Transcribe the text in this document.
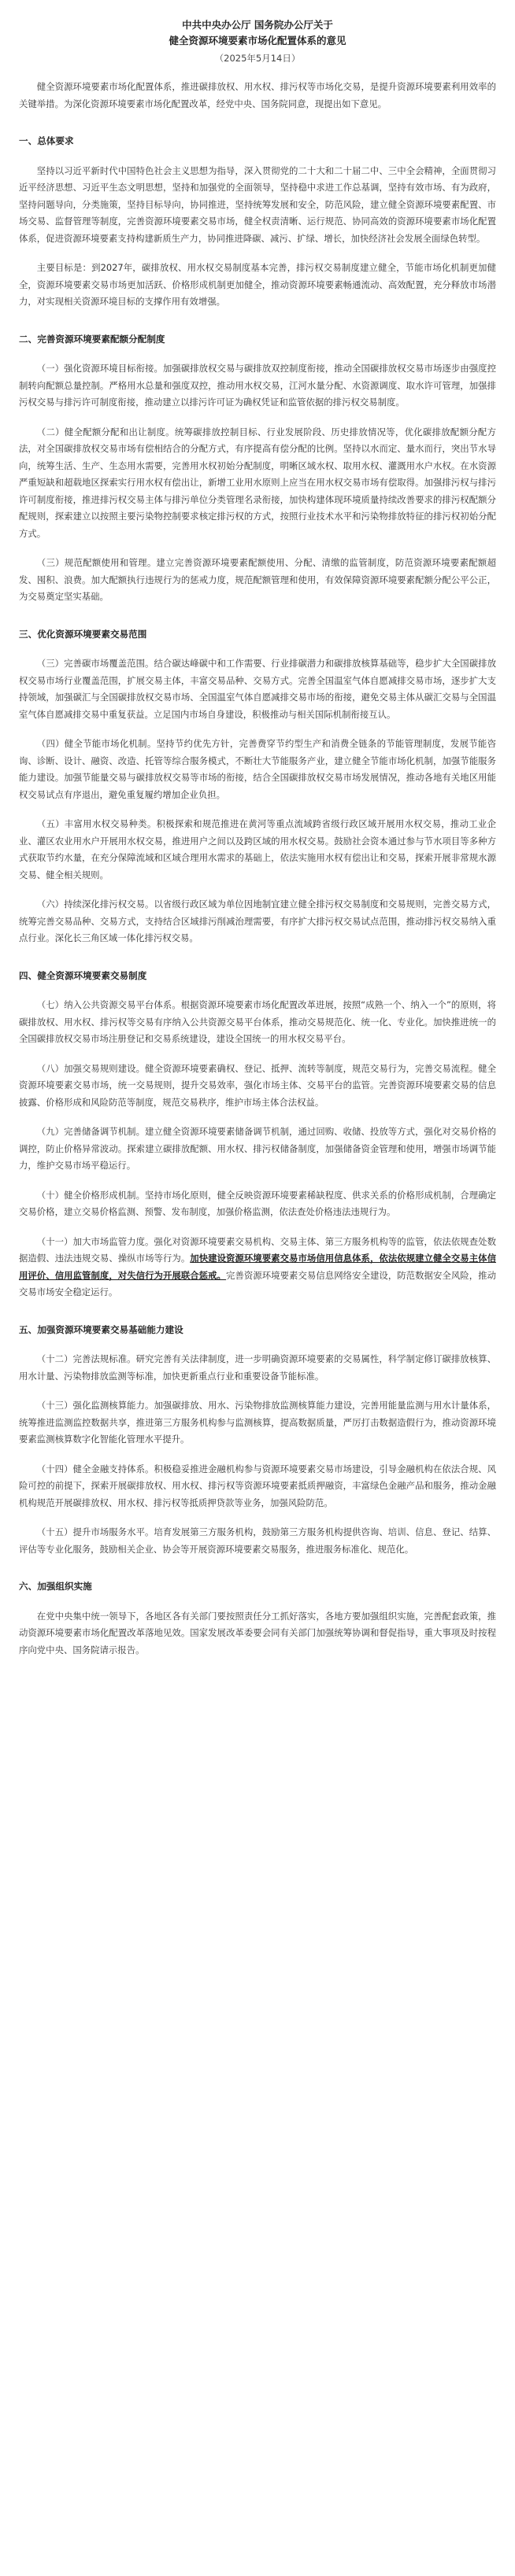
中共中央办公厅 国务院办公厅关于
健全资源环境要素市场化配置体系的意见
（2025年5月14日）

健全资源环境要素市场化配置体系，推进碳排放权、用水权、排污权等市场化交易，是提升资源环境要素利用效率的关键举措。为深化资源环境要素市场化配置改革，经党中央、国务院同意，现提出如下意见。

一、总体要求

坚持以习近平新时代中国特色社会主义思想为指导，深入贯彻党的二十大和二十届二中、三中全会精神，全面贯彻习近平经济思想、习近平生态文明思想，坚持和加强党的全面领导，坚持稳中求进工作总基调，坚持有效市场、有为政府，坚持问题导向，分类施策，坚持目标导向，协同推进，坚持统筹发展和安全，防范风险，建立健全资源环境要素配置、市场交易、监督管理等制度，完善资源环境要素交易市场，健全权责清晰、运行规范、协同高效的资源环境要素市场化配置体系，促进资源环境要素支持构建新质生产力，协同推进降碳、减污、扩绿、增长，加快经济社会发展全面绿色转型。

主要目标是：到2027年，碳排放权、用水权交易制度基本完善，排污权交易制度建立健全，节能市场化机制更加健全，资源环境要素交易市场更加活跃、价格形成机制更加健全，推动资源环境要素畅通流动、高效配置，充分释放市场潜力，对实现相关资源环境目标的支撑作用有效增强。

二、完善资源环境要素配额分配制度

（一）强化资源环境目标衔接。加强碳排放权交易与碳排放双控制度衔接，推动全国碳排放权交易市场逐步由强度控制转向配额总量控制。严格用水总量和强度双控，推动用水权交易，江河水量分配、水资源调度、取水许可管理，加强排污权交易与排污许可制度衔接，推动建立以排污许可证为确权凭证和监管依据的排污权交易制度。

（二）健全配额分配和出让制度。统筹碳排放控制目标、行业发展阶段、历史排放情况等，优化碳排放配额分配方法，对全国碳排放权交易市场有偿相结合的分配方式，有序提高有偿分配的比例。坚持以水而定、量水而行，突出节水导向，统筹生活、生产、生态用水需要，完善用水权初始分配制度，明晰区域水权、取用水权、灌溉用水户水权。在水资源严重短缺和超载地区探索实行用水权有偿出让，新增工业用水原则上应当在用水权交易市场有偿取得。加强排污权与排污许可制度衔接，推进排污权交易主体与排污单位分类管理名录衔接，加快构建体现环境质量持续改善要求的排污权配额分配规则，探索建立以按照主要污染物控制要求核定排污权的方式，按照行业技术水平和污染物排放特征的排污权初始分配方式。

（三）规范配额使用和管理。建立完善资源环境要素配额使用、分配、清缴的监管制度，防范资源环境要素配额超发、囤积、浪费。加大配额执行违规行为的惩戒力度，规范配额管理和使用，有效保障资源环境要素配额分配公平公正，为交易奠定坚实基础。

三、优化资源环境要素交易范围

（三）完善碳市场覆盖范围。结合碳达峰碳中和工作需要、行业排碳潜力和碳排放核算基础等，稳步扩大全国碳排放权交易市场行业覆盖范围，扩展交易主体，丰富交易品种、交易方式。完善全国温室气体自愿减排交易市场，逐步扩大支持领域，加强碳汇与全国碳排放权交易市场、全国温室气体自愿减排交易市场的衔接，避免交易主体从碳汇交易与全国温室气体自愿减排交易中重复获益。立足国内市场自身建设，积极推动与相关国际机制衔接互认。

（四）健全节能市场化机制。坚持节约优先方针，完善费穿节约型生产和消费全链条的节能管理制度，发展节能咨询、诊断、设计、融资、改造、托管等综合服务模式，不断壮大节能服务产业，建立健全节能市场化机制，加强节能服务能力建设。加强节能量交易与碳排放权交易等市场的衔接，结合全国碳排放权交易市场发展情况，推动各地有关地区用能权交易试点有序退出，避免重复履约增加企业负担。

（五）丰富用水权交易种类。积极探索和规范推进在黄河等重点流域跨省级行政区域开展用水权交易，推动工业企业、灌区农业用水户开展用水权交易，推进用户之间以及跨区域的用水权交易。鼓励社会资本通过参与节水项目等多种方式获取节约水量，在充分保障流域和区域合理用水需求的基础上，依法实施用水权有偿出让和交易，探索开展非常规水源交易、健全相关规则。

（六）持续深化排污权交易。以省级行政区域为单位因地制宜建立健全排污权交易制度和交易规则，完善交易方式，统筹完善交易品种、交易方式，支持结合区域排污削减治理需要，有序扩大排污权交易试点范围，推动排污权交易纳入重点行业。深化长三角区域一体化排污权交易。

四、健全资源环境要素交易制度

（七）纳入公共资源交易平台体系。根据资源环境要素市场化配置改革进展，按照“成熟一个、纳入一个”的原则，将碳排放权、用水权、排污权等交易有序纳入公共资源交易平台体系，推动交易规范化、统一化、专业化。加快推进统一的全国碳排放权交易市场注册登记和交易系统建设，建设全国统一的用水权交易平台。

（八）加强交易规则建设。健全资源环境要素确权、登记、抵押、流转等制度，规范交易行为，完善交易流程。健全资源环境要素交易市场，统一交易规则，提升交易效率，强化市场主体、交易平台的监管。完善资源环境要素交易的信息披露、价格形成和风险防范等制度，规范交易秩序，维护市场主体合法权益。

（九）完善储备调节机制。建立健全资源环境要素储备调节机制，通过回购、收储、投放等方式，强化对交易价格的调控，防止价格异常波动。探索建立碳排放配额、用水权、排污权储备制度，加强储备资金管理和使用，增强市场调节能力，维护交易市场平稳运行。

（十）健全价格形成机制。坚持市场化原则，健全反映资源环境要素稀缺程度、供求关系的价格形成机制，合理确定交易价格，建立交易价格监测、预警、发布制度，加强价格监测，依法查处价格违法违规行为。

（十一）加大市场监管力度。强化对资源环境要素交易机构、交易主体、第三方服务机构等的监管，依法依规查处数据造假、违法违规交易、操纵市场等行为。加快建设资源环境要素交易市场信用信息体系，依法依规建立健全交易主体信用评价、信用监管制度，对失信行为开展联合惩戒。完善资源环境要素交易信息网络安全建设，防范数据安全风险，推动交易市场安全稳定运行。

五、加强资源环境要素交易基础能力建设

（十二）完善法规标准。研究完善有关法律制度，进一步明确资源环境要素的交易属性，科学制定修订碳排放核算、用水计量、污染物排放监测等标准，加快更新重点行业和重要设备节能标准。

（十三）强化监测核算能力。加强碳排放、用水、污染物排放监测核算能力建设，完善用能量监测与用水计量体系，统筹推进监测监控数据共享，推进第三方服务机构参与监测核算，提高数据质量，严厉打击数据造假行为，推动资源环境要素监测核算数字化智能化管理水平提升。

（十四）健全金融支持体系。积极稳妥推进金融机构参与资源环境要素交易市场建设，引导金融机构在依法合规、风险可控的前提下，探索开展碳排放权、用水权、排污权等资源环境要素抵质押融资，丰富绿色金融产品和服务，推动金融机构规范开展碳排放权、用水权、排污权等抵质押贷款等业务，加强风险防范。

（十五）提升市场服务水平。培育发展第三方服务机构，鼓励第三方服务机构提供咨询、培训、信息、登记、结算、评估等专业化服务，鼓励相关企业、协会等开展资源环境要素交易服务，推进服务标准化、规范化。

六、加强组织实施

在党中央集中统一领导下，各地区各有关部门要按照责任分工抓好落实，各地方要加强组织实施，完善配套政策，推动资源环境要素市场化配置改革落地见效。国家发展改革委要会同有关部门加强统筹协调和督促指导，重大事项及时按程序向党中央、国务院请示报告。
